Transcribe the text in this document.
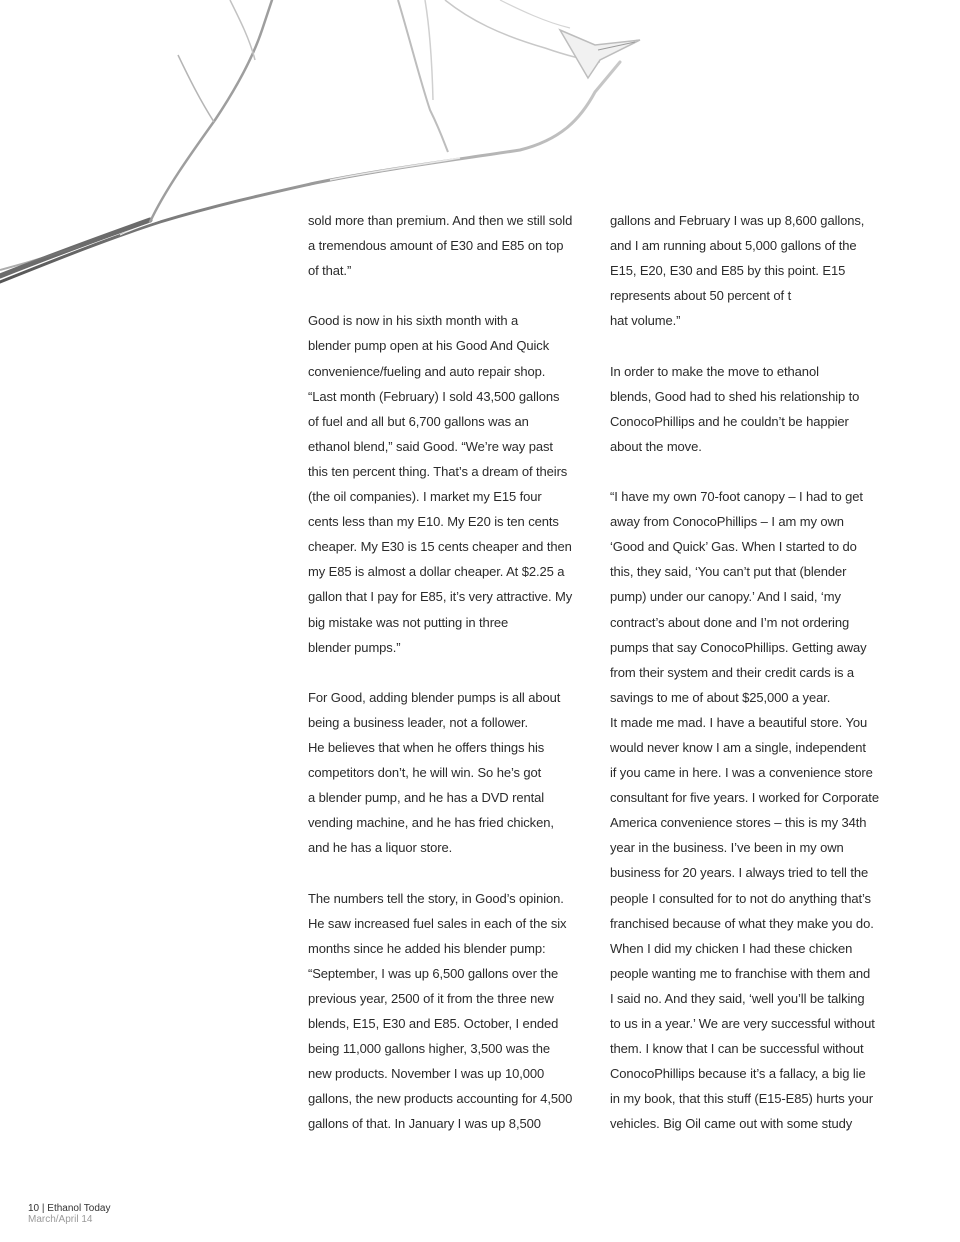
sold more than premium. And then we still sold
a tremendous amount of E30 and E85 on top
of that.”

Good is now in his sixth month with a
blender pump open at his Good And Quick
convenience/fueling and auto repair shop.
“Last month (February) I sold 43,500 gallons
of fuel and all but 6,700 gallons was an
ethanol blend,” said Good. “We’re way past
this ten percent thing. That’s a dream of theirs
(the oil companies). I market my E15 four
cents less than my E10. My E20 is ten cents
cheaper. My E30 is 15 cents cheaper and then
my E85 is almost a dollar cheaper. At $2.25 a
gallon that I pay for E85, it’s very attractive. My
big mistake was not putting in three
blender pumps.”

For Good, adding blender pumps is all about
being a business leader, not a follower.
He believes that when he offers things his
competitors don’t, he will win. So he’s got
a blender pump, and he has a DVD rental
vending machine, and he has fried chicken,
and he has a liquor store.

The numbers tell the story, in Good’s opinion.
He saw increased fuel sales in each of the six
months since he added his blender pump:
“September, I was up 6,500 gallons over the
previous year, 2500 of it from the three new
blends, E15, E30 and E85. October, I ended
being 11,000 gallons higher, 3,500 was the
new products. November I was up 10,000
gallons, the new products accounting for 4,500
gallons of that. In January I was up 8,500

gallons and February I was up 8,600 gallons,
and I am running about 5,000 gallons of the
E15, E20, E30 and E85 by this point. E15
represents about 50 percent of t
hat volume.”

In order to make the move to ethanol
blends, Good had to shed his relationship to
ConocoPhillips and he couldn’t be happier
about the move.

“I have my own 70-foot canopy – I had to get
away from ConocoPhillips – I am my own
‘Good and Quick’ Gas. When I started to do
this, they said, ‘You can’t put that (blender
pump) under our canopy.’ And I said, ‘my
contract’s about done and I’m not ordering
pumps that say ConocoPhillips. Getting away
from their system and their credit cards is a
savings to me of about $25,000 a year.
It made me mad. I have a beautiful store. You
would never know I am a single, independent
if you came in here. I was a convenience store
consultant for five years. I worked for Corporate
America convenience stores – this is my 34th
year in the business. I’ve been in my own
business for 20 years. I always tried to tell the
people I consulted for to not do anything that’s
franchised because of what they make you do.
When I did my chicken I had these chicken
people wanting me to franchise with them and
I said no. And they said, ‘well you’ll be talking
to us in a year.’ We are very successful without
them. I know that I can be successful without
ConocoPhillips because it’s a fallacy, a big lie
in my book, that this stuff (E15-E85) hurts your
vehicles. Big Oil came out with some study

10 | Ethanol Today
March/April 14
